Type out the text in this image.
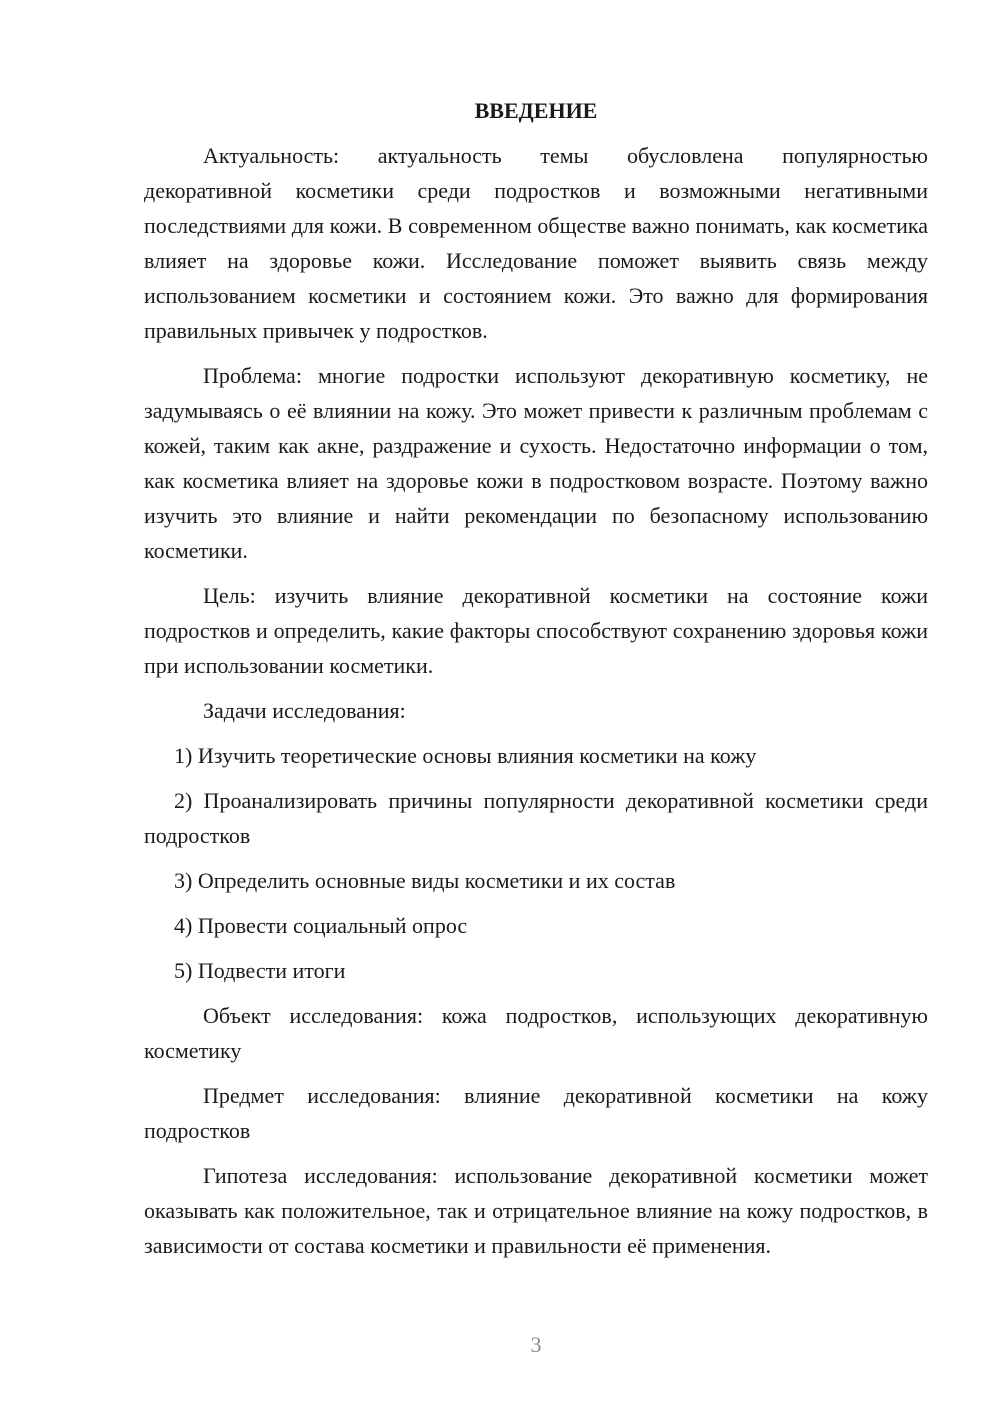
ВВЕДЕНИЕ

Актуальность: актуальность темы обусловлена популярностью декоративной косметики среди подростков и возможными негативными последствиями для кожи. В современном обществе важно понимать, как косметика влияет на здоровье кожи. Исследование поможет выявить связь между использованием косметики и состоянием кожи. Это важно для формирования правильных привычек у подростков.

Проблема: многие подростки используют декоративную косметику, не задумываясь о её влиянии на кожу. Это может привести к различным проблемам с кожей, таким как акне, раздражение и сухость. Недостаточно информации о том, как косметика влияет на здоровье кожи в подростковом возрасте. Поэтому важно изучить это влияние и найти рекомендации по безопасному использованию косметики.

Цель: изучить влияние декоративной косметики на состояние кожи подростков и определить, какие факторы способствуют сохранению здоровья кожи при использовании косметики.

Задачи исследования:

1) Изучить теоретические основы влияния косметики на кожу

2) Проанализировать причины популярности декоративной косметики среди подростков

3) Определить основные виды косметики и их состав

4) Провести социальный опрос

5) Подвести итоги

Объект исследования: кожа подростков, использующих декоративную косметику

Предмет исследования: влияние декоративной косметики на кожу подростков

Гипотеза исследования: использование декоративной косметики может оказывать как положительное, так и отрицательное влияние на кожу подростков, в зависимости от состава косметики и правильности её применения.

3
